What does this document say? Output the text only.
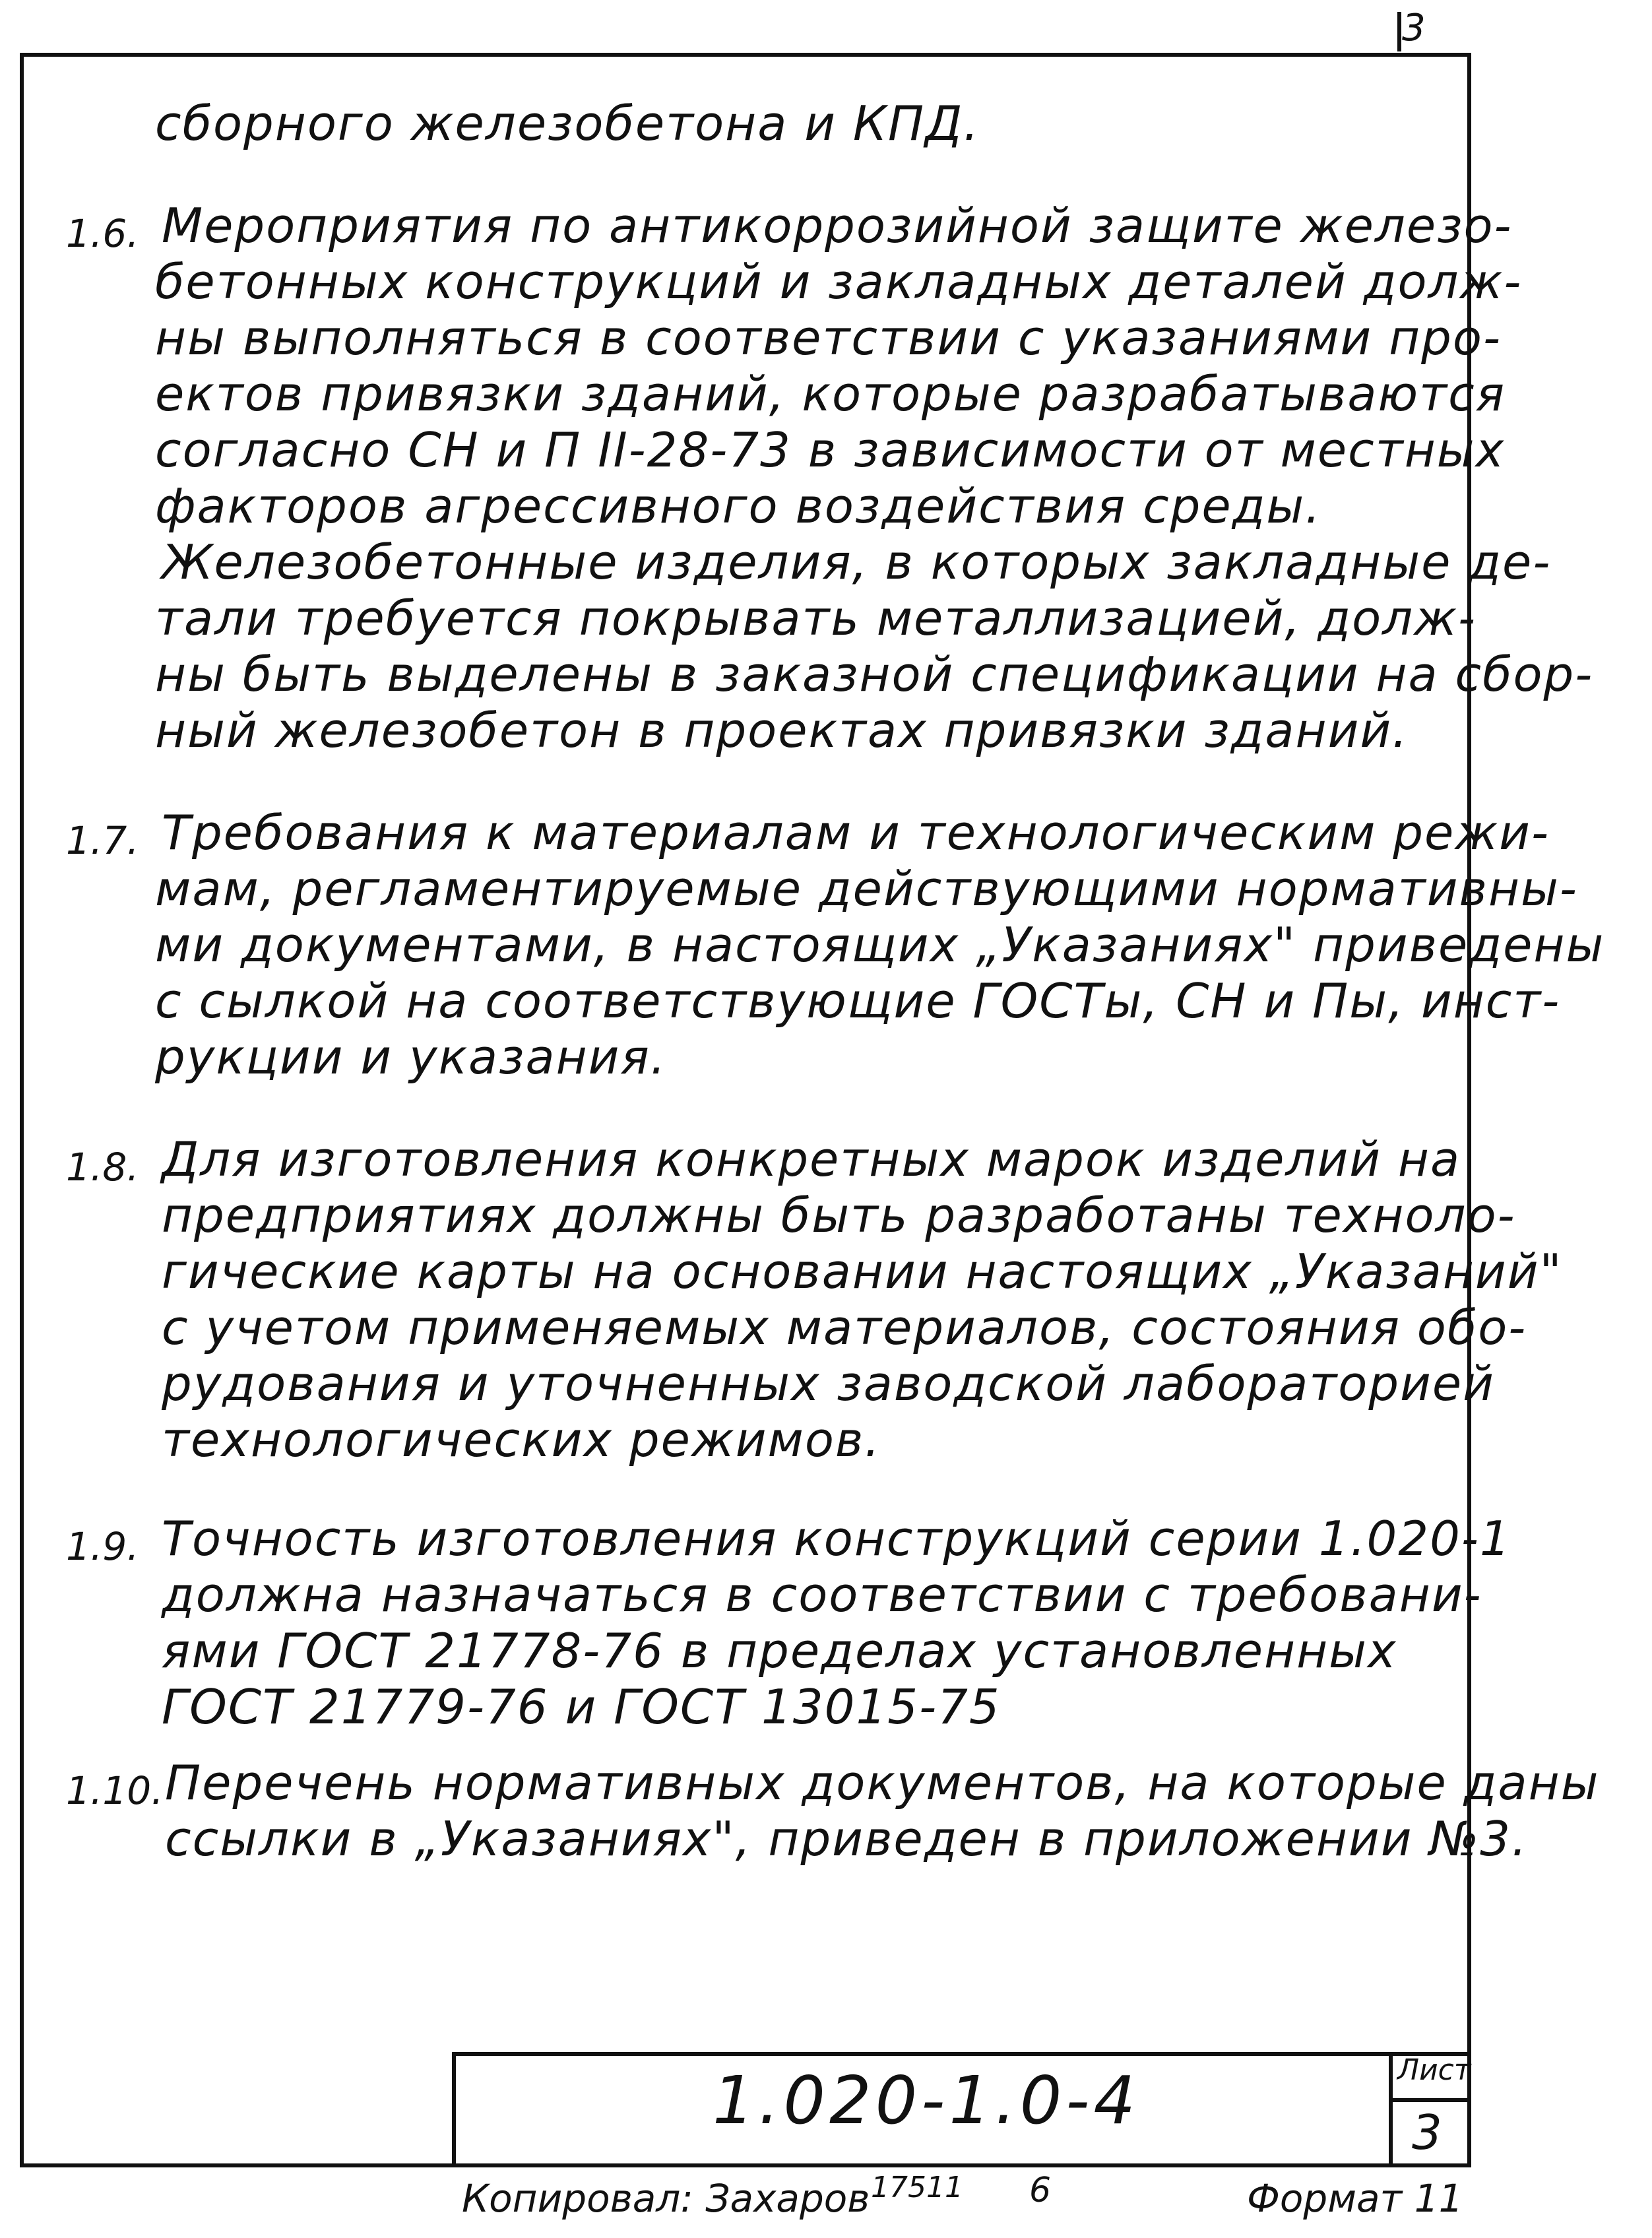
3
сборного железобетона и КПД.
1.6. Мероприятия по антикоррозийной защите железо-
бетонных конструкций и закладных деталей долж-
ны выполняться в соответствии с указаниями про-
ектов привязки зданий, которые разрабатываются
согласно СН и П II-28-73 в зависимости от местных
факторов агрессивного воздействия среды.
Железобетонные изделия, в которых закладные де-
тали требуется покрывать металлизацией, долж-
ны быть выделены в заказной спецификации на сбор-
ный железобетон в проектах привязки зданий.
1.7. Требования к материалам и технологическим режи-
мам, регламентируемые действующими нормативны-
ми документами, в настоящих „Указаниях" приведены
с сылкой на соответствующие ГОСТы, СН и Пы, инст-
рукции и указания.
1.8. Для изготовления конкретных марок изделий на
предприятиях должны быть разработаны техноло-
гические карты на основании настоящих „Указаний"
с учетом применяемых материалов, состояния обо-
рудования и уточненных заводской лабораторией
технологических режимов.
1.9. Точность изготовления конструкций серии 1.020-1
должна назначаться в соответствии с требовани-
ями ГОСТ 21778-76 в пределах установленных
ГОСТ 21779-76 и ГОСТ 13015-75
1.10. Перечень нормативных документов, на которые даны
ссылки в „Указаниях", приведен в приложении №3.
1.020-1.0-4	Лист
3
Копировал: Захаров 17511 6	Формат 11
